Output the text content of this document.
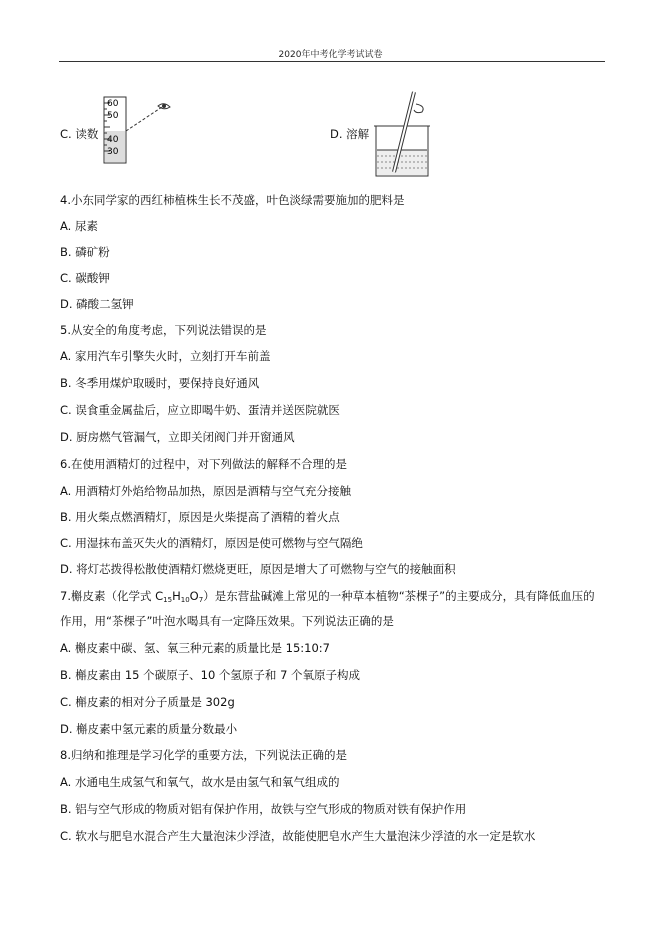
2020年中考化学考试试卷
C. 读数
60
50
40
30
D. 溶解
4.小东同学家的西红柿植株生长不茂盛，叶色淡绿需要施加的肥料是
A. 尿素
B. 磷矿粉
C. 碳酸钾
D. 磷酸二氢钾
5.从安全的角度考虑，下列说法错误的是
A. 家用汽车引擎失火时，立刻打开车前盖
B. 冬季用煤炉取暖时，要保持良好通风
C. 误食重金属盐后，应立即喝牛奶、蛋清并送医院就医
D. 厨房燃气管漏气，立即关闭阀门并开窗通风
6.在使用酒精灯的过程中，对下列做法的解释不合理的是
A. 用酒精灯外焰给物品加热，原因是酒精与空气充分接触
B. 用火柴点燃酒精灯，原因是火柴提高了酒精的着火点
C. 用湿抹布盖灭失火的酒精灯，原因是使可燃物与空气隔绝
D. 将灯芯拨得松散使酒精灯燃烧更旺，原因是增大了可燃物与空气的接触面积
7.槲皮素（化学式 $C_{15}H_{10}O_7$）是东营盐碱滩上常见的一种草本植物“茶棵子”的主要成分，具有降低血压的
作用，用“茶棵子”叶泡水喝具有一定降压效果。下列说法正确的是
A. 槲皮素中碳、氢、氧三种元素的质量比是 15:10:7
B. 槲皮素由 15 个碳原子、10 个氢原子和 7 个氧原子构成
C. 槲皮素的相对分子质量是 302g
D. 槲皮素中氢元素的质量分数最小
8.归纳和推理是学习化学的重要方法，下列说法正确的是
A. 水通电生成氢气和氧气，故水是由氢气和氧气组成的
B. 铝与空气形成的物质对铝有保护作用，故铁与空气形成的物质对铁有保护作用
C. 软水与肥皂水混合产生大量泡沫少浮渣，故能使肥皂水产生大量泡沫少浮渣的水一定是软水
